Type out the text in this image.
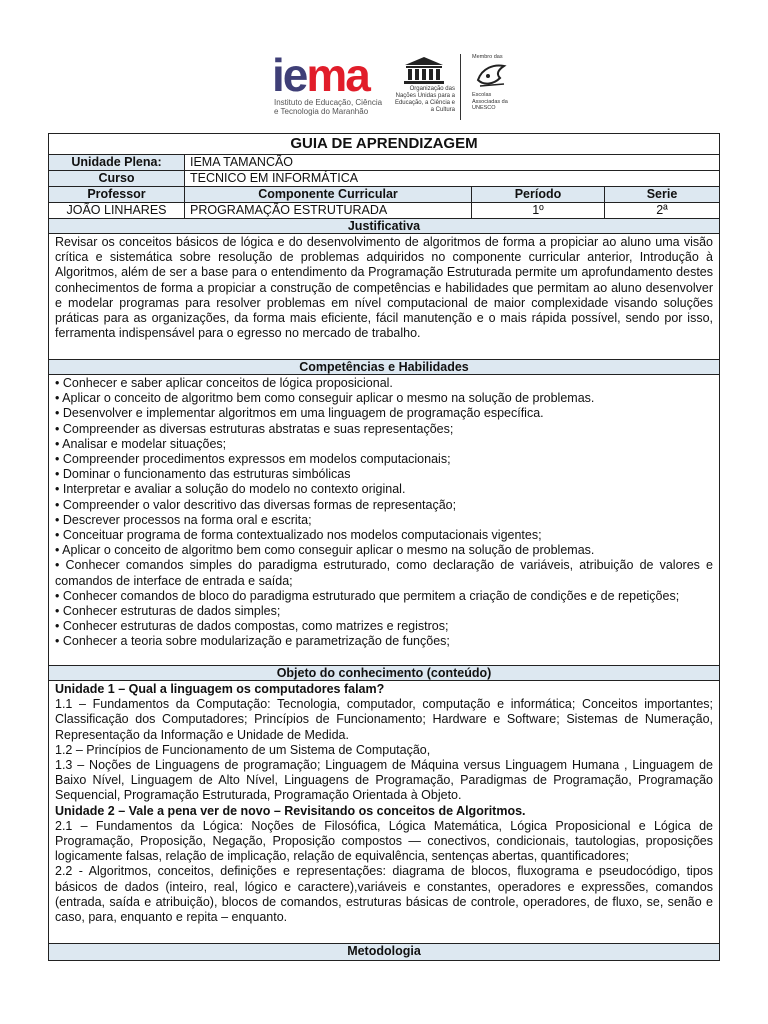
iema
Instituto de Educação, Ciência e Tecnologia do Maranhão
Organização das Nações Unidas para a Educação, a Ciência e a Cultura
Membro das
Escolas Associadas da UNESCO
GUIA DE APRENDIZAGEM
Unidade Plena:	IEMA TAMANCÃO
Curso	TECNICO EM INFORMÁTICA
Professor	Componente Curricular	Período	Serie
JOÃO LINHARES	PROGRAMAÇÃO ESTRUTURADA	1º	2ª
Justificativa
Revisar os conceitos básicos de lógica e do desenvolvimento de algoritmos de forma a propiciar ao aluno uma visão crítica e sistemática sobre resolução de problemas adquiridos no componente curricular anterior, Introdução à Algoritmos, além de ser a base para o entendimento da Programação Estruturada permite um aprofundamento destes conhecimentos de forma a propiciar a construção de competências e habilidades que permitam ao aluno desenvolver e modelar programas para resolver problemas em nível computacional de maior complexidade visando soluções práticas para as organizações, da forma mais eficiente, fácil manutenção e o mais rápida possível, sendo por isso, ferramenta indispensável para o egresso no mercado de trabalho.
Competências e Habilidades

• Conhecer e saber aplicar conceitos de lógica proposicional.

• Aplicar o conceito de algoritmo bem como conseguir aplicar o mesmo na solução de problemas.

• Desenvolver e implementar algoritmos em uma linguagem de programação específica.

• Compreender as diversas estruturas abstratas e suas representações;

• Analisar e modelar situações;

• Compreender procedimentos expressos em modelos computacionais;

• Dominar o funcionamento das estruturas simbólicas

• Interpretar e avaliar a solução do modelo no contexto original.

• Compreender o valor descritivo das diversas formas de representação;

• Descrever processos na forma oral e escrita;

• Conceituar programa de forma contextualizado nos modelos computacionais vigentes;

• Aplicar o conceito de algoritmo bem como conseguir aplicar o mesmo na solução de problemas.

• Conhecer comandos simples do paradigma estruturado, como declaração de variáveis, atribuição de valores e comandos de interface de entrada e saída;

• Conhecer comandos de bloco do paradigma estruturado que permitem a criação de condições e de repetições;

• Conhecer estruturas de dados simples;

• Conhecer estruturas de dados compostas, como matrizes e registros;

• Conhecer a teoria sobre modularização e parametrização de funções;

Objeto do conhecimento (conteúdo)

Unidade 1 – Qual a linguagem os computadores falam?

1.1 – Fundamentos da Computação: Tecnologia, computador, computação e informática; Conceitos importantes; Classificação dos Computadores; Princípios de Funcionamento; Hardware e Software; Sistemas de Numeração, Representação da Informação e Unidade de Medida.

1.2 – Princípios de Funcionamento de um Sistema de Computação,

1.3 – Noções de Linguagens de programação; Linguagem de Máquina versus Linguagem Humana , Linguagem de Baixo Nível, Linguagem de Alto Nível, Linguagens de Programação, Paradigmas de Programação, Programação Sequencial, Programação Estruturada, Programação Orientada à Objeto.

Unidade 2 – Vale a pena ver de novo – Revisitando os conceitos de Algoritmos.

2.1 – Fundamentos da Lógica: Noções de Filosófica, Lógica Matemática, Lógica Proposicional e Lógica de Programação, Proposição, Negação, Proposição compostos — conectivos, condicionais, tautologias, proposições logicamente falsas, relação de implicação, relação de equivalência, sentenças abertas, quantificadores;

2.2 - Algoritmos, conceitos, definições e representações: diagrama de blocos, fluxograma e pseudocódigo, tipos básicos de dados (inteiro, real, lógico e caractere),variáveis e constantes, operadores e expressões, comandos (entrada, saída e atribuição), blocos de comandos, estruturas básicas de controle, operadores, de fluxo, se, senão e caso, para, enquanto e repita – enquanto.

Metodologia
